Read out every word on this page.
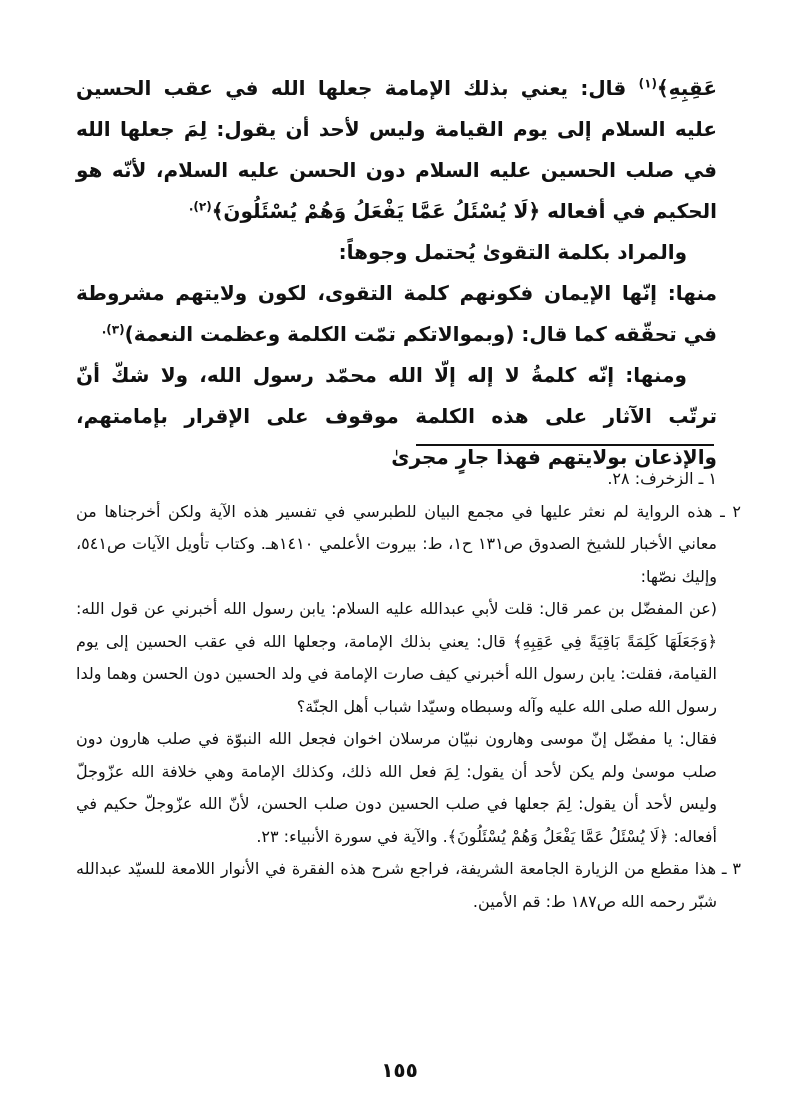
عَقِبِهِ﴾$^{(١)}$ قال: يعني بذلك الإمامة جعلها الله في عقب الحسين عليه السلام إلى يوم القيامة وليس لأحد أن يقول: لِمَ جعلها الله في صلب الحسين عليه السلام دون الحسن عليه السلام، لأنّه هو الحكيم في أفعاله ﴿لَا يُسْئَلُ عَمَّا يَفْعَلُ وَهُمْ يُسْئَلُونَ﴾$^{(٢).}$

والمراد بكلمة التقوىٰ يُحتمل وجوهاً:

منها: إنّها الإيمان فكونهم كلمة التقوى، لكون ولايتهم مشروطة في تحقّقه كما قال: (وبموالاتكم تمّت الكلمة وعظمت النعمة)$^{(٣).}$

ومنها: إنّه كلمةُ لا إله إلّا الله محمّد رسول الله، ولا شكّ أنّ ترتّب الآثار على هذه الكلمة موقوف على الإقرار بإمامتهم، والإذعان بولايتهم فهذا جارٍ مجرىٰ

١ ـ الزخرف: ٢٨.

٢ ـ هذه الرواية لم نعثر عليها في مجمع البيان للطبرسي في تفسير هذه الآية ولكن أخرجناها من معاني الأخبار للشيخ الصدوق ص١٣١ ح١، ط: بيروت الأعلمي ١٤١٠هـ. وكتاب تأويل الآيات ص٥٤١، وإليك نصّها:

(عن المفضّل بن عمر قال: قلت لأبي عبدالله عليه السلام: يابن رسول الله أخبرني عن قول الله: ﴿وَجَعَلَهَا كَلِمَةً بَاقِيَةً فِي عَقِبِهِ﴾ قال: يعني بذلك الإمامة، وجعلها الله في عقب الحسين إلى يوم القيامة، فقلت: يابن رسول الله أخبرني كيف صارت الإمامة في ولد الحسين دون الحسن وهما ولدا رسول الله صلى الله عليه وآله وسبطاه وسيّدا شباب أهل الجنّة؟

فقال: يا مفضّل إنّ موسى وهارون نبيّان مرسلان اخوان فجعل الله النبوّة في صلب هارون دون صلب موسىٰ ولم يكن لأحد أن يقول: لِمَ فعل الله ذلك، وكذلك الإمامة وهي خلافة الله عزّوجلّ وليس لأحد أن يقول: لِمَ جعلها في صلب الحسين دون صلب الحسن، لأنّ الله عزّوجلّ حكيم في أفعاله: ﴿لَا يُسْئَلُ عَمَّا يَفْعَلُ وَهُمْ يُسْئَلُونَ﴾. والآية في سورة الأنبياء: ٢٣.

٣ ـ هذا مقطع من الزيارة الجامعة الشريفة، فراجع شرح هذه الفقرة في الأنوار اللامعة للسيّد عبدالله شبّر رحمه الله ص١٨٧ ط: قم الأمين.

١٥٥
